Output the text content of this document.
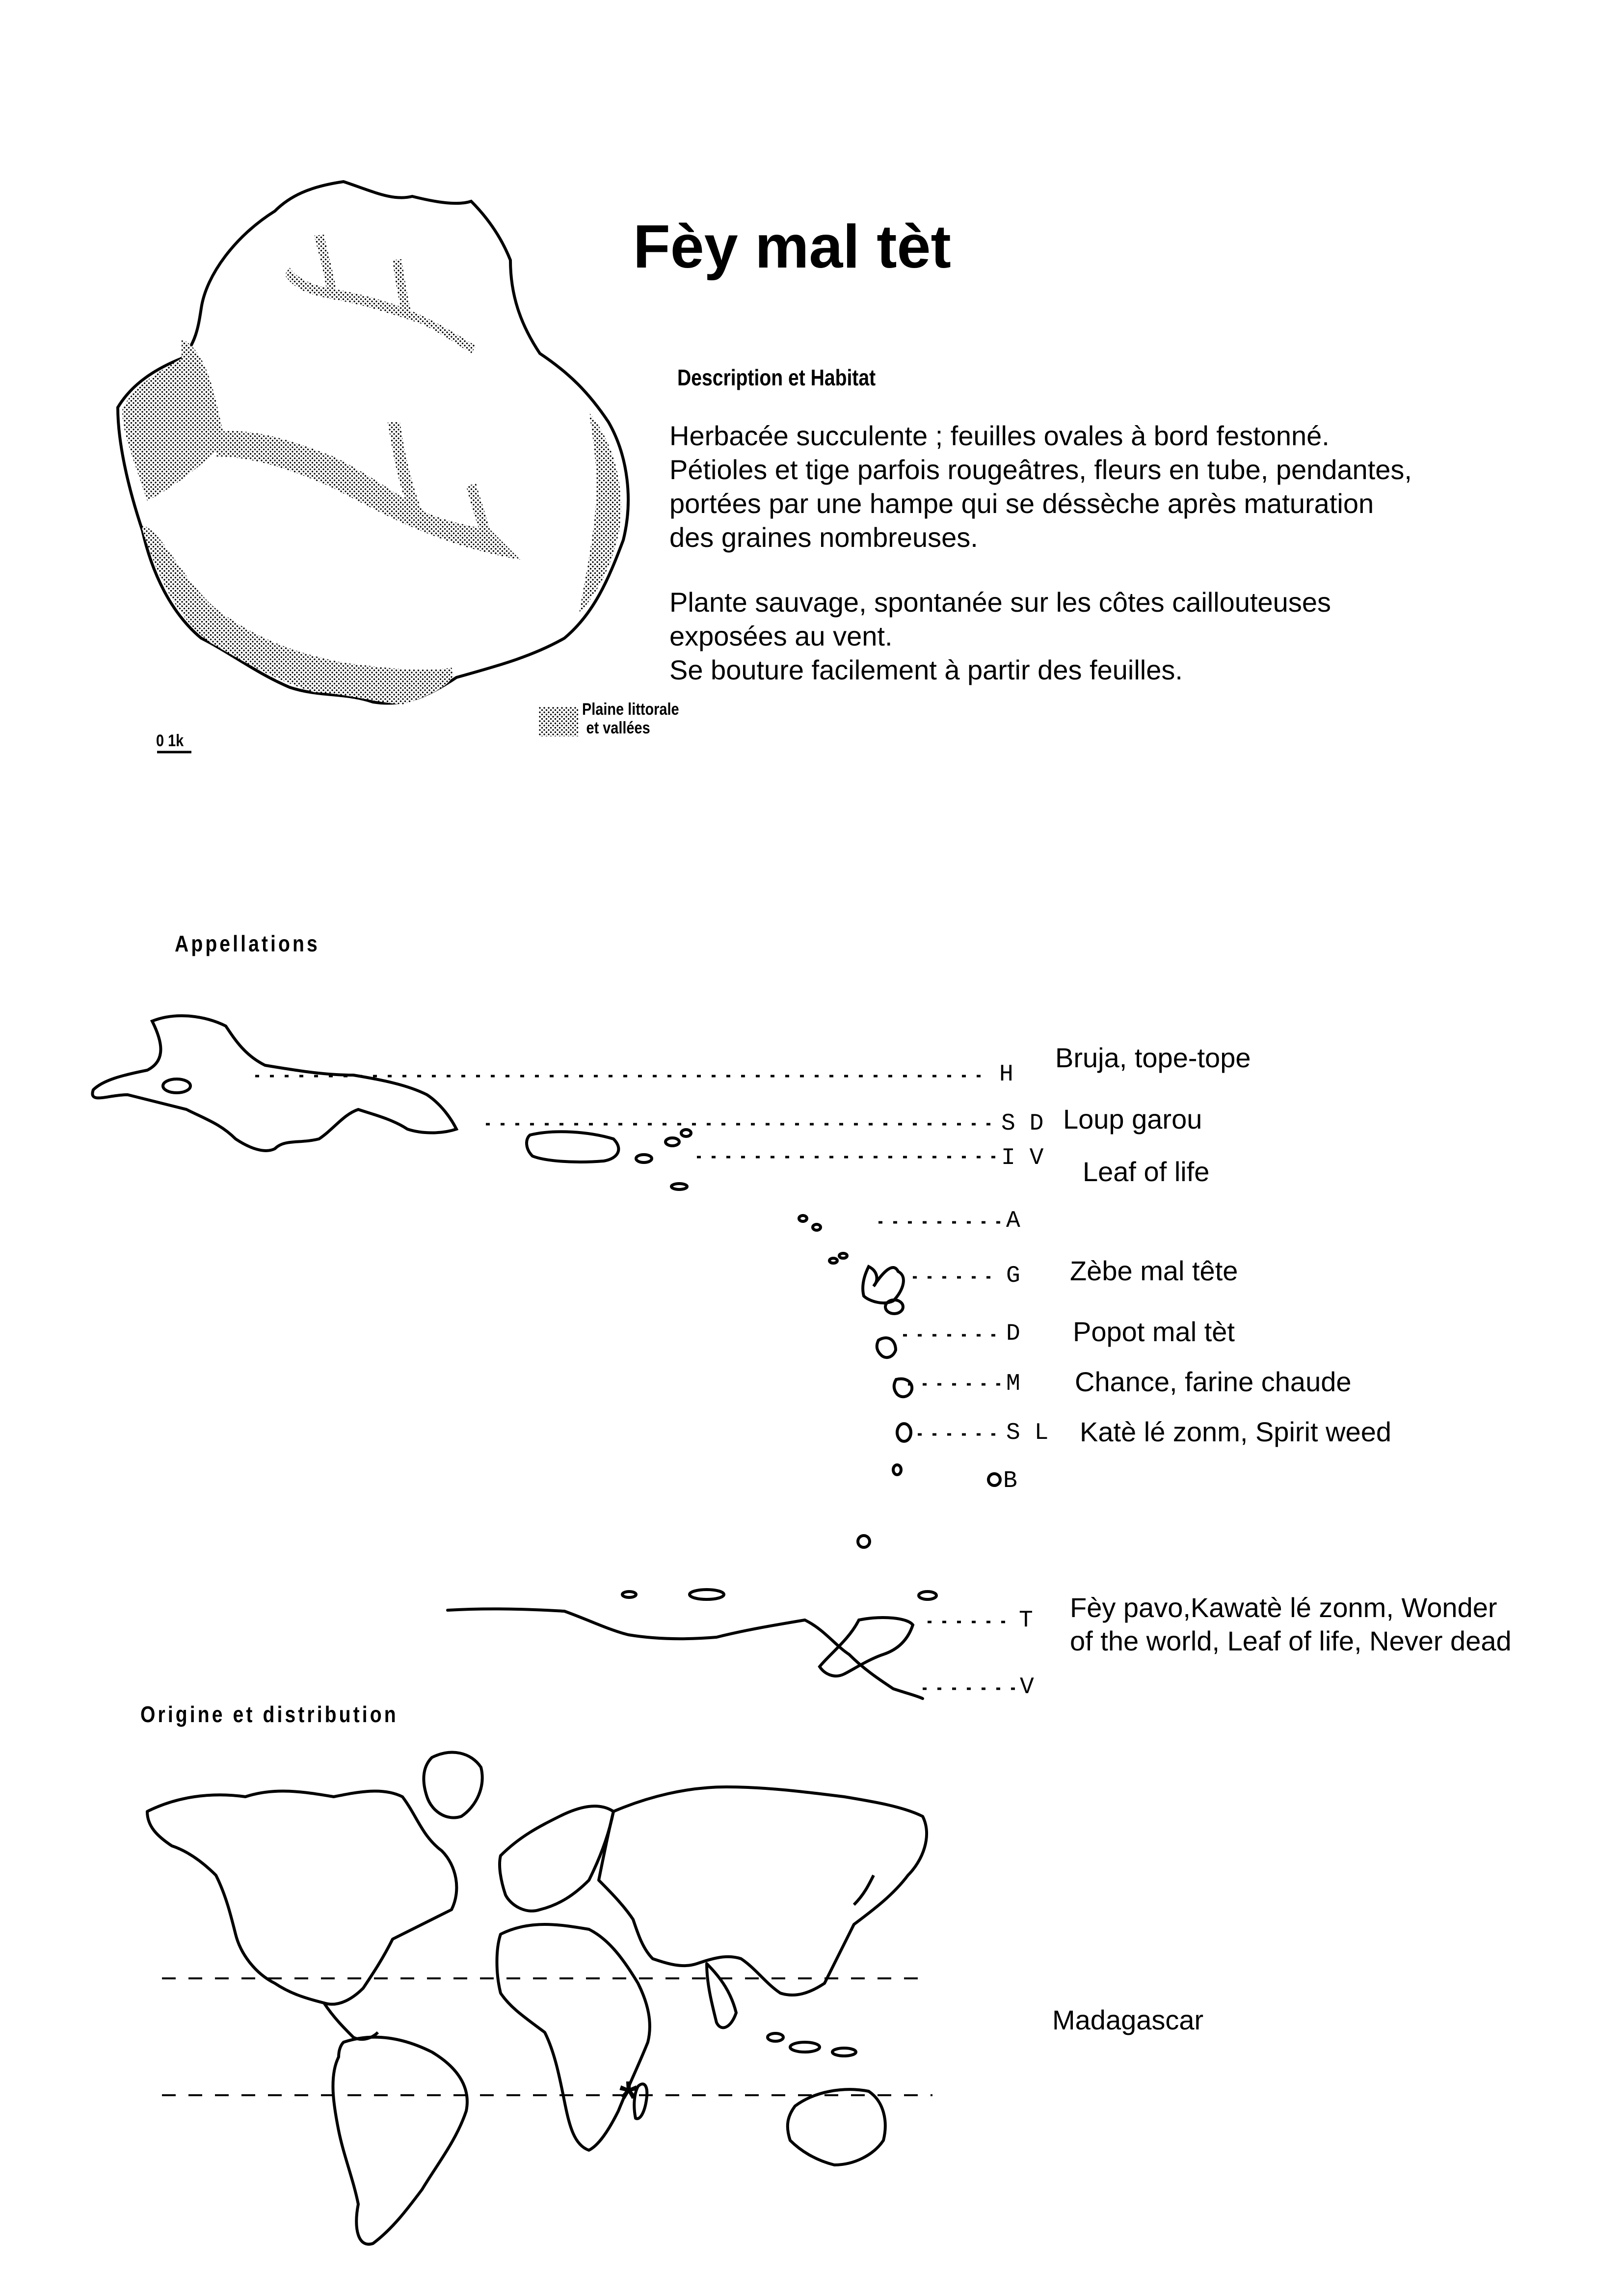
0 1k
Plaine littorale
et vallées
Fèy mal tèt
Description et Habitat

Herbacée succulente ; feuilles ovales à bord festonné.

Pétioles et tige parfois rougeâtres, fleurs en tube, pendantes,

portées par une hampe qui se déssèche après maturation

des graines nombreuses.

Plante sauvage, spontanée sur les côtes caillouteuses

exposées au vent.

Se bouture facilement à partir des feuilles.

Appellations
H
S D
I V
A
G
D
M
S L
B
T
V
Bruja, tope-tope
Loup garou
Leaf of life
Zèbe mal tête
Popot mal tèt
Chance, farine chaude
Katè lé zonm, Spirit weed
Fèy pavo,Kawatè lé zonm, Wonder
of the world, Leaf of life, Never dead
Origine et distribution
*
Madagascar
